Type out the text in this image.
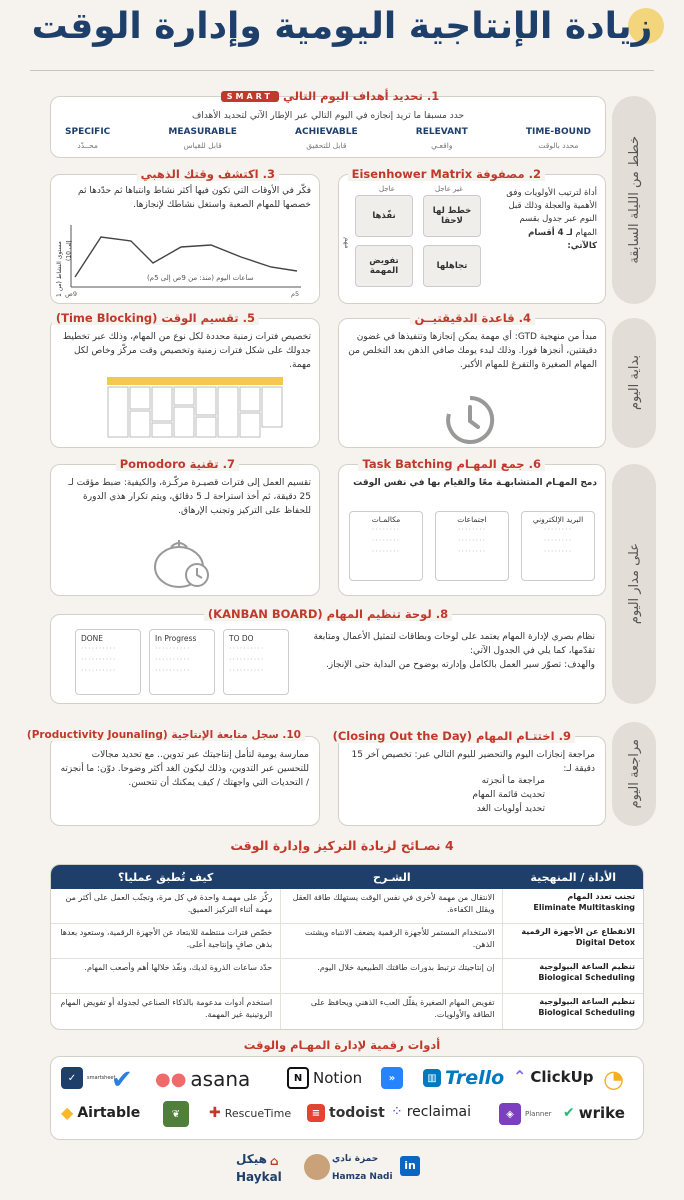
زيادة الإنتاجية اليومية وإدارة الوقت
خطط من الليلة السابقة
بداية اليوم
على مدار اليوم
مراجعة اليوم
1. تحديد أهداف اليوم التاليSMART
حدد مسبقا ما تريد إنجازه في اليوم التالي عبر الإطار الآتي لتحديد الأهداف
SPECIFIC
محــدّد
MEASURABLE
قابل للقياس
ACHIEVABLE
قابل للتحقيق
RELEVANT
واقعـي
TIME-BOUND
محدد بالوقت
2. مصفوفة Eisenhower Matrix
أداة لترتيب الأولويات وفق الأهمية والعجلة وذلك قبل النوم عبر جدول بقسم المهام لـ 4 أقسام كالآتي:
غير عاجل
عاجل
مهم
خطط لها لاحقا
نفّذها
تجاهلها
تفويض المهمة
3. اكتشف وقتك الذهبي
فكّر في الأوقات التي تكون فيها أكثر نشاط وانتباها ثم حدّدها ثم خصصها للمهام الصعبة واستغل نشاطك لإنجازها.
مستوى النشاط (من 1 إلى 10)
ساعات اليوم (منذ: من 9ص إلى 5م)
9ص	5م
4. قاعدة الدقيقتيــن
مبدأ من منهجية GTD: أي مهمة يمكن إنجازها وتنفيذها في غضون دقيقتين، أنجزها فورا. وذلك لبدء يومك صافي الذهن بعد التخلص من المهام الصغيرة والتفرغ للمهام الأكبر.
5. تقسيم الوقت (Time Blocking)
تخصيص فترات زمنية محددة لكل نوع من المهام، وذلك عبر تخطيط جدولك على شكل فترات زمنية وتخصيص وقت مركّز وخاص لكل مهمة.
6. جمع المهـام Task Batching
دمج المهـام المتشابهـة معًا والقيام بها في نفس الوقت
البريد الإلكتروني
········
········
········
اجتماعات
········
········
········
مكالمـات
········
········
········
7. تقنية Pomodoro
تقسيم العمل إلى فترات قصيـرة مركّـزة، والكيفية: ضبط مؤقت لـ 25 دقيقة، ثم أخذ استراحة لـ 5 دقائق، ويتم تكرار هذي الدورة للحفاظ على التركيز وتجنب الإرهاق.
8. لوحة تنظيم المهام (KANBAN BOARD)
نظام بصري لإدارة المهام يعتمد على لوحات وبطاقات لتمثيل الأعمال ومتابعة تقدّمها، كما يلي في الجدول الآتي:
والهدف: تصوّر سير العمل بالكامل وإدارته بوضوح من البداية حتى الإنجاز.
DONE
··········
··········
··········
In Progress
··········
··········
··········
TO DO
··········
··········
··········
9. اختتـام المهام (Closing Out the Day)
مراجعة إنجازات اليوم والتحضير لليوم التالي عبر: تخصيص آخر 15 دقيقة لـ:
مراجعة ما أنجزته
تحديث قائمة المهام
تحديد أولويات الغد
10. سجل متابعة الإنتاجية (Productivity Jounaling)
ممارسة يومية لتأمل إنتاجيتك عبر تدوين.. مع تحديد مجالات للتحسين عبر التدوين، وذلك ليكون الغد أكثر وضوحا. دوّن: ما أنجزته / التحديات التي واجهتك / كيف يمكنك أن تتحسن.
4 نصـائح لزيادة التركيز وإدارة الوقت
الأداة / المنهجية
الشـرح
كيف تُطبق عمليا؟
تجنب تعدد المهام
Eliminate Multitasking
الانتقال من مهمة لأخرى في نفس الوقت يستهلك طاقة العقل ويقلل الكفاءة.
ركّز على مهمـة واحدة في كل مرة، وتجنّب العمل على أكثر من مهمة أثناء التركيز العميق.
الانقطاع عن الأجهزة الرقمية
Digital Detox
الاستخدام المستمر للأجهزة الرقمية يضعف الانتباه ويشتت الذهن.
خصّص فترات منتظمة للابتعاد عن الأجهزة الرقمية، وستعود بعدها بذهن صافٍ وإنتاجية أعلى.
تنظيم الساعة البيولوجية
Biological Scheduling
إن إنتاجيتك ترتبط بدورات طاقتك الطبيعية خلال اليوم.
حدّد ساعات الذروة لديك، ونفّذ خلالها أهم وأصعب المهام.
تنظيم الساعة البيولوجية
Biological Scheduling
تفويض المهام الصغيرة يقلّل العبء الذهني ويحافظ على الطاقة والأولويات.
استخدم أدوات مدعومة بالذكاء الصناعي لجدولة أو تفويض المهام الروتينية غير المهمة.
أدوات رقمية لإدارة المهـام والوقت
✓	smartsheet
✔ ●● asana	N Notion	»	▥ Trello ⌃ ClickUp ◔
◆ Airtable	❦	✚ RescueTime	≡ todoist ⁘ reclaimai	◈	Planner ✔ wrike
in
حمزة نادي
Hamza Nadi
⌂
هيكل
Haykal
